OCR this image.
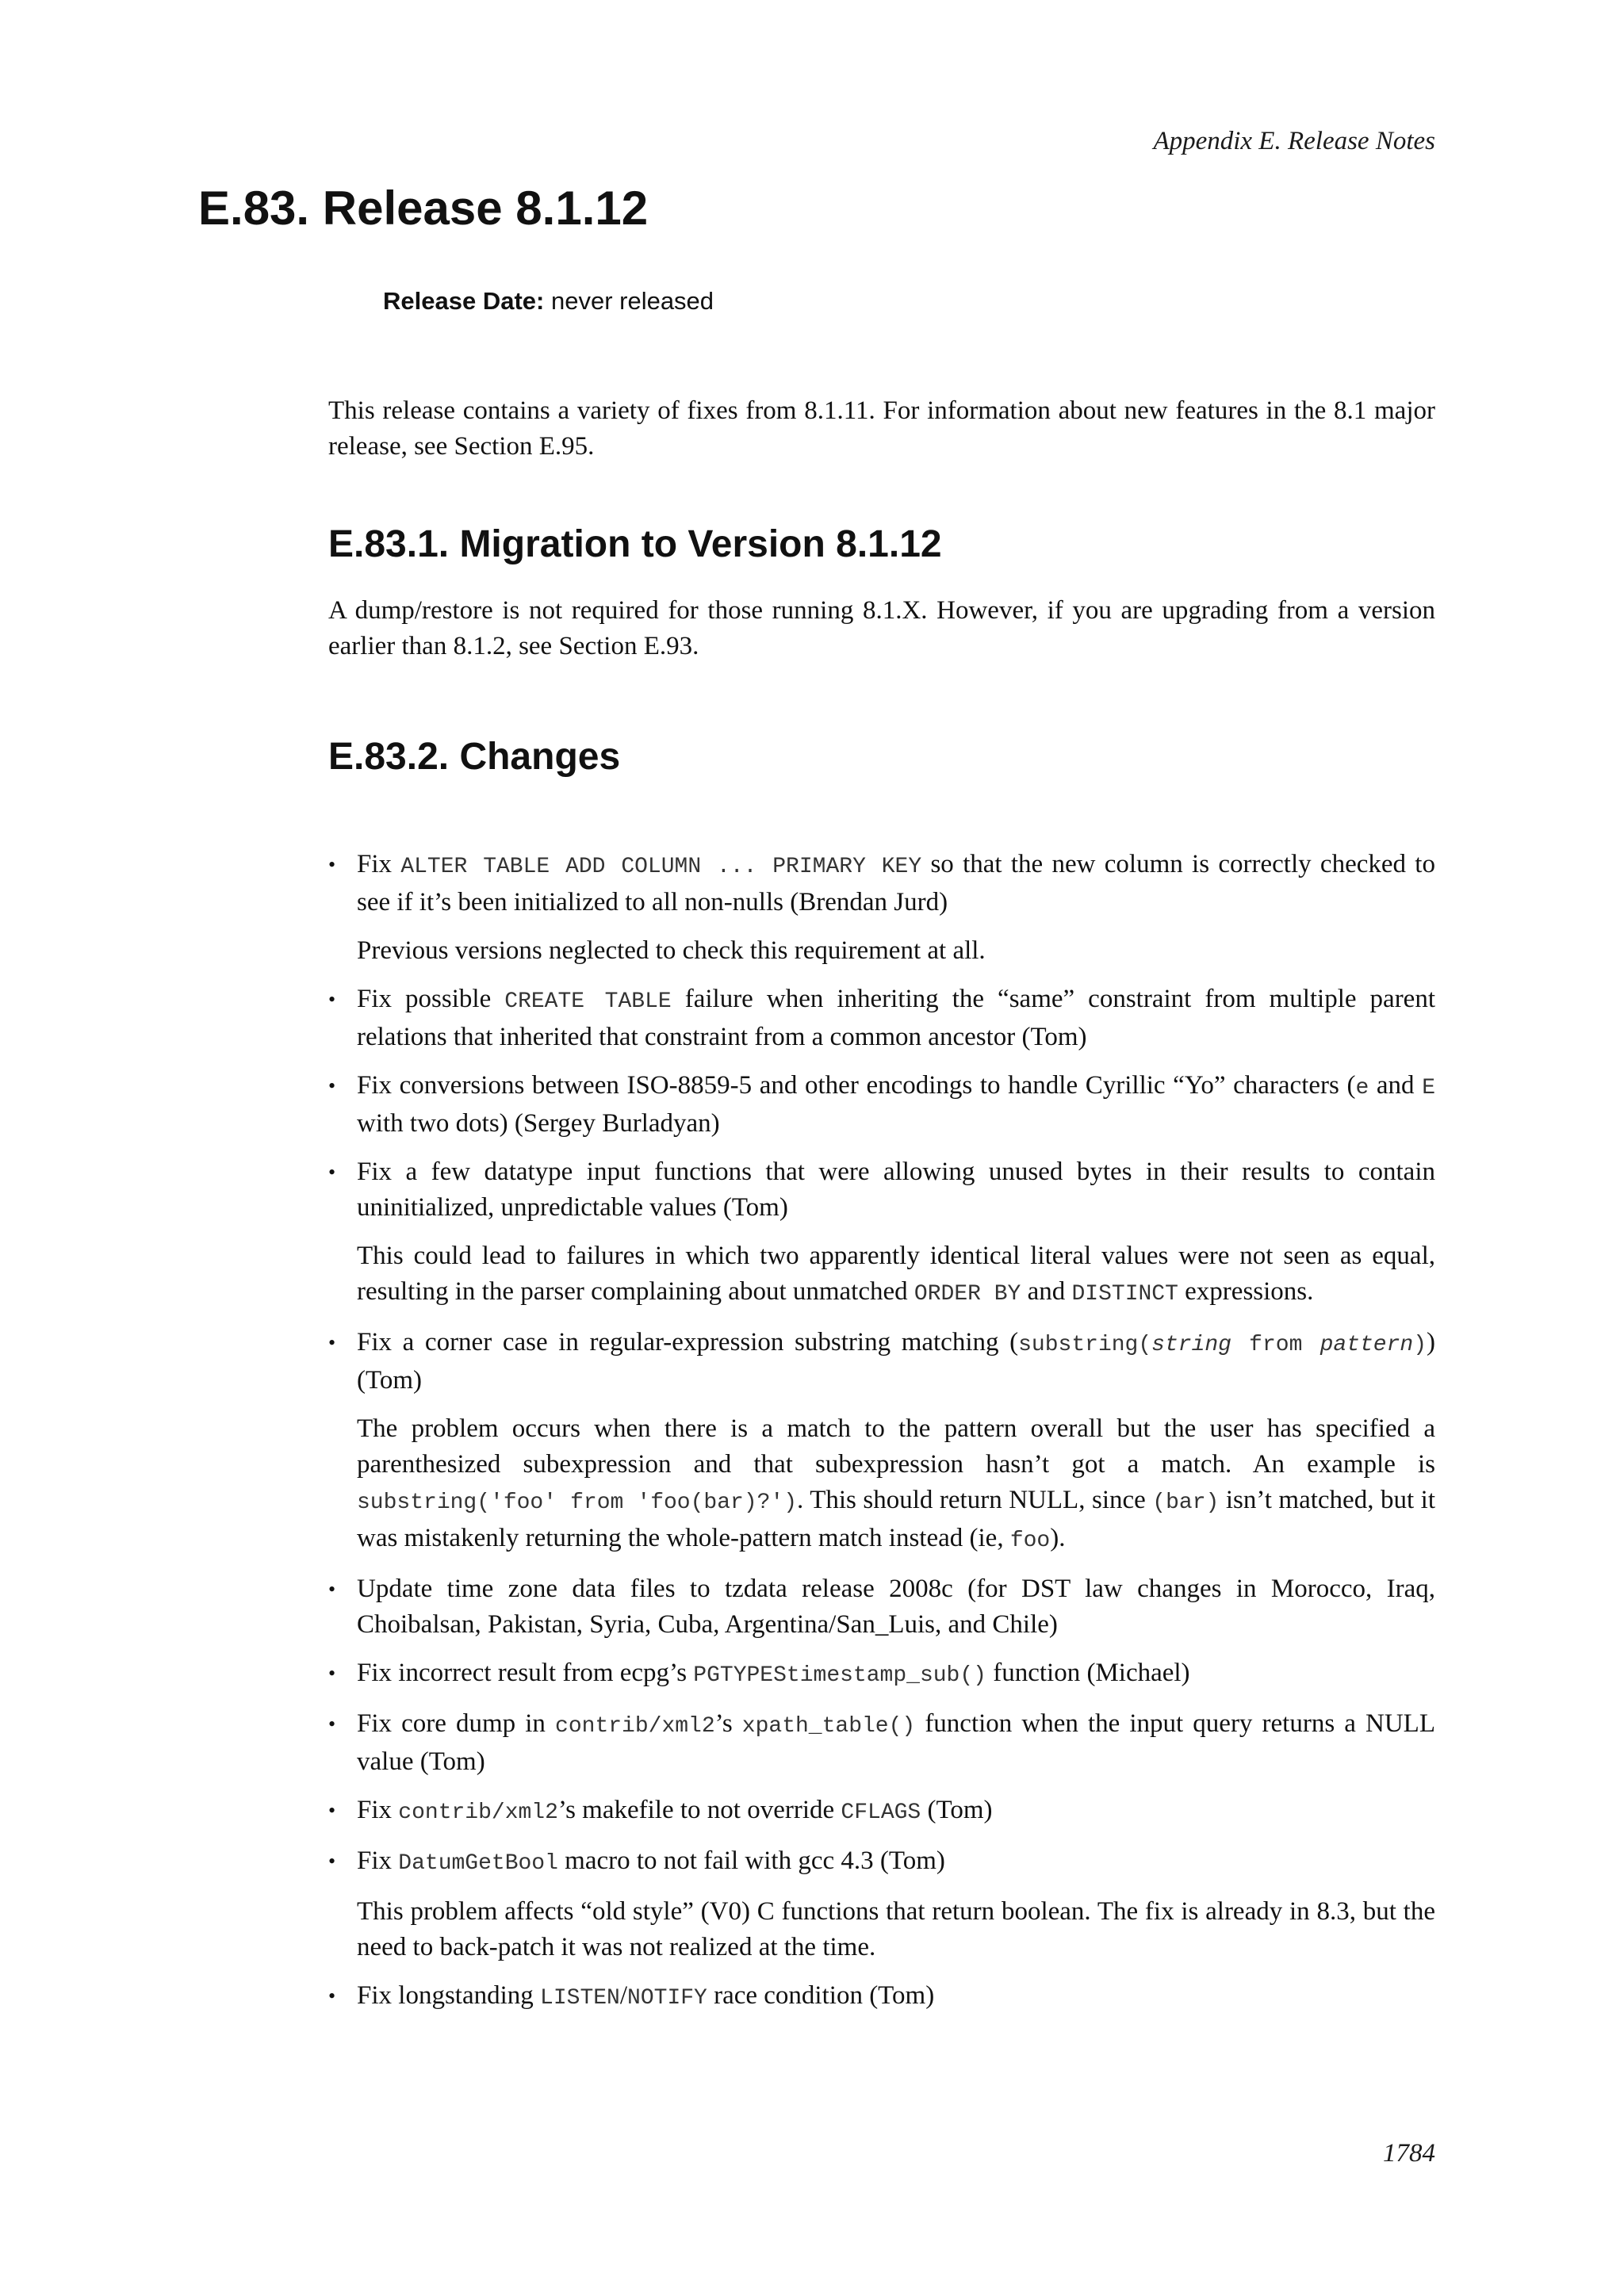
Appendix E. Release Notes
E.83. Release 8.1.12
Release Date: never released

This release contains a variety of fixes from 8.1.11. For information about new features in the 8.1 major release, see Section E.95.

E.83.1. Migration to Version 8.1.12

A dump/restore is not required for those running 8.1.X. However, if you are upgrading from a version earlier than 8.1.2, see Section E.93.

E.83.2. Changes
• Fix ALTER TABLE ADD COLUMN ... PRIMARY KEY so that the new column is correctly checked to see if it’s been initialized to all non-nulls (Brendan Jurd)

Previous versions neglected to check this requirement at all.

• Fix possible CREATE TABLE failure when inheriting the “same” constraint from multiple parent relations that inherited that constraint from a common ancestor (Tom)

• Fix conversions between ISO-8859-5 and other encodings to handle Cyrillic “Yo” characters (e and E with two dots) (Sergey Burladyan)

• Fix a few datatype input functions that were allowing unused bytes in their results to contain uninitialized, unpredictable values (Tom)

This could lead to failures in which two apparently identical literal values were not seen as equal, resulting in the parser complaining about unmatched ORDER BY and DISTINCT expressions.

• Fix a corner case in regular-expression substring matching (substring(string from pattern)) (Tom)

The problem occurs when there is a match to the pattern overall but the user has specified a parenthesized subexpression and that subexpression hasn’t got a match. An example is substring('foo' from 'foo(bar)?'). This should return NULL, since (bar) isn’t matched, but it was mistakenly returning the whole-pattern match instead (ie, foo).

• Update time zone data files to tzdata release 2008c (for DST law changes in Morocco, Iraq, Choibalsan, Pakistan, Syria, Cuba, Argentina/San_Luis, and Chile)

• Fix incorrect result from ecpg’s PGTYPEStimestamp_sub() function (Michael)

• Fix core dump in contrib/xml2’s xpath_table() function when the input query returns a NULL value (Tom)

• Fix contrib/xml2’s makefile to not override CFLAGS (Tom)

• Fix DatumGetBool macro to not fail with gcc 4.3 (Tom)

This problem affects “old style” (V0) C functions that return boolean. The fix is already in 8.3, but the need to back-patch it was not realized at the time.

• Fix longstanding LISTEN/NOTIFY race condition (Tom)

1784
